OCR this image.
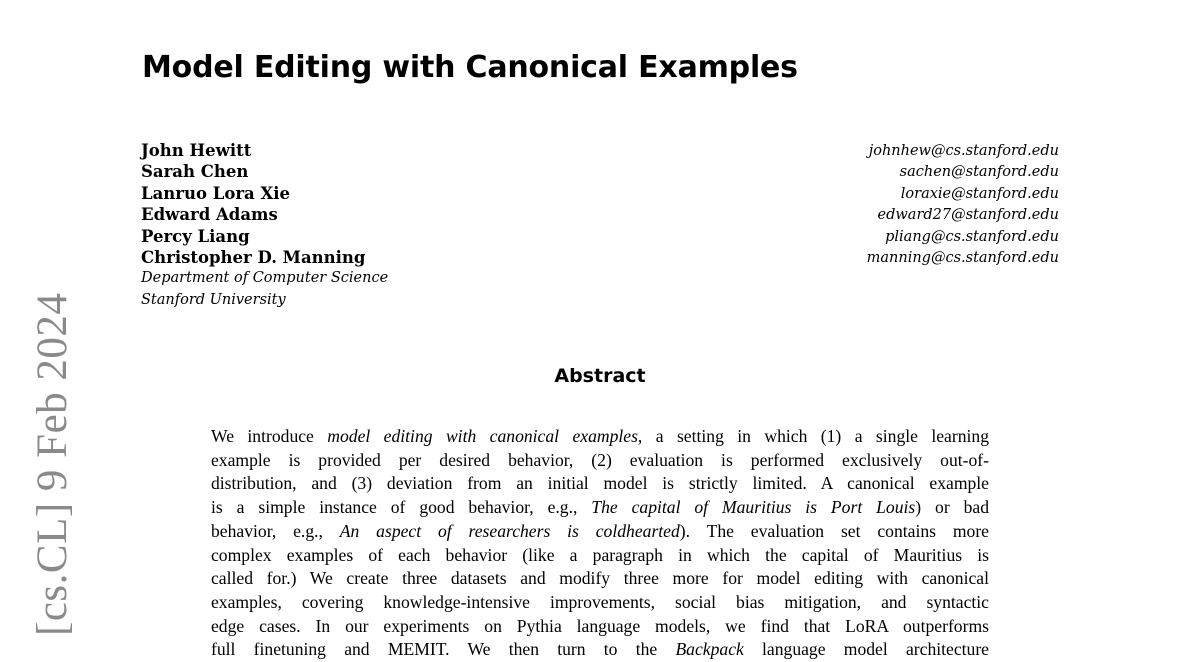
Model Editing with Canonical Examples
John Hewitt
Sarah Chen
Lanruo Lora Xie
Edward Adams
Percy Liang
Christopher D. Manning
Department of Computer Science
Stanford University
johnhew@cs.stanford.edu
sachen@stanford.edu
loraxie@stanford.edu
edward27@stanford.edu
pliang@cs.stanford.edu
manning@cs.stanford.edu
[cs.CL] 9 Feb 2024	Abstract
We introduce model editing with canonical examples, a setting in which (1) a single learning
example is provided per desired behavior, (2) evaluation is performed exclusively out-of-
distribution, and (3) deviation from an initial model is strictly limited. A canonical example
is a simple instance of good behavior, e.g., The capital of Mauritius is Port Louis) or bad
behavior, e.g., An aspect of researchers is coldhearted). The evaluation set contains more
complex examples of each behavior (like a paragraph in which the capital of Mauritius is
called for.) We create three datasets and modify three more for model editing with canonical
examples, covering knowledge-intensive improvements, social bias mitigation, and syntactic
edge cases. In our experiments on Pythia language models, we find that LoRA outperforms
full finetuning and MEMIT. We then turn to the Backpack language model architecture
